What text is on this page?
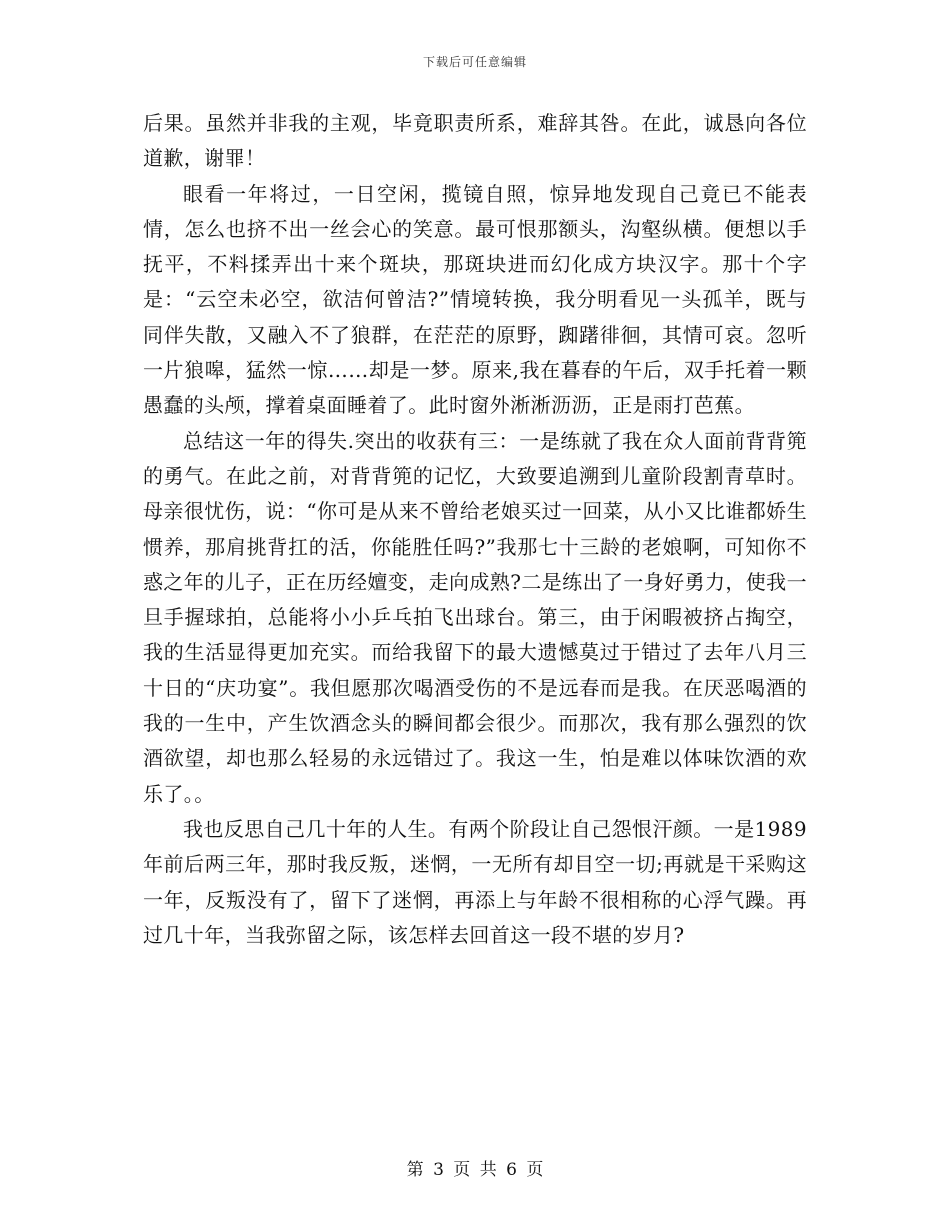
下载后可任意编辑

后果。虽然并非我的主观，毕竟职责所系，难辞其咎。在此，诚恳向各位道歉，谢罪！

眼看一年将过，一日空闲，揽镜自照，惊异地发现自己竟已不能表情，怎么也挤不出一丝会心的笑意。最可恨那额头，沟壑纵横。便想以手抚平，不料揉弄出十来个斑块，那斑块进而幻化成方块汉字。那十个字是：“云空未必空，欲洁何曾洁?”情境转换，我分明看见一头孤羊，既与同伴失散，又融入不了狼群，在茫茫的原野，踟躇徘徊，其情可哀。忽听一片狼嗥，猛然一惊……却是一梦。原来,我在暮春的午后，双手托着一颗愚蠢的头颅，撑着桌面睡着了。此时窗外淅淅沥沥，正是雨打芭蕉。

总结这一年的得失.突出的收获有三：一是练就了我在众人面前背背篼的勇气。在此之前，对背背篼的记忆，大致要追溯到儿童阶段割青草时。母亲很忧伤，说：“你可是从来不曾给老娘买过一回菜，从小又比谁都娇生惯养，那肩挑背扛的活，你能胜任吗?”我那七十三龄的老娘啊，可知你不惑之年的儿子，正在历经嬗变，走向成熟?二是练出了一身好勇力，使我一旦手握球拍，总能将小小乒乓拍飞出球台。第三，由于闲暇被挤占掏空，我的生活显得更加充实。而给我留下的最大遗憾莫过于错过了去年八月三十日的“庆功宴”。我但愿那次喝酒受伤的不是远春而是我。在厌恶喝酒的我的一生中，产生饮酒念头的瞬间都会很少。而那次，我有那么强烈的饮酒欲望，却也那么轻易的永远错过了。我这一生，怕是难以体味饮酒的欢乐了。。

我也反思自己几十年的人生。有两个阶段让自己怨恨汗颜。一是1989年前后两三年，那时我反叛，迷惘，一无所有却目空一切;再就是干采购这一年，反叛没有了，留下了迷惘，再添上与年龄不很相称的心浮气躁。再过几十年，当我弥留之际，该怎样去回首这一段不堪的岁月?

第 3 页 共 6 页
